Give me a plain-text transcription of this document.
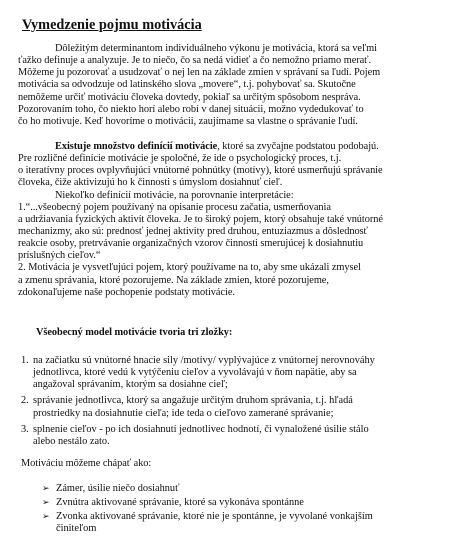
Vymedzenie pojmu motivácia
Dôležitým determinantom individuálneho výkonu je motivácia, ktorá sa veľmi
ťažko definuje a analyzuje. Je to niečo, čo sa nedá vidieť a čo nemožno priamo merať.
Môžeme ju pozorovať a usudzovať o nej len na základe zmien v správaní sa ľudí. Pojem
motivácia sa odvodzuje od latinského slova „movere“, t.j. pohybovať sa. Skutočne
nemôžeme určiť motiváciu človeka dovtedy, pokiaľ sa určitým spôsobom nespráva.
Pozorovaním toho, čo niekto horí alebo robí v danej situácii, možno vydedukovať to
čo ho motivuje. Keď hovoríme o motivácii, zaujímame sa vlastne o správanie ľudí.
Existuje množstvo definícií motivácie, ktoré sa zvyčajne podstatou podobajú.
Pre rozličné definície motivácie je spoločné, že ide o psychologický proces, t.j.
o iteratívny proces ovplyvňujúci vnútorné pohnútky (motívy), ktoré usmerňujú správanie
človeka, čiže aktivizujú ho k činnosti s úmyslom dosiahnuť cieľ.
Niekoľko definícií motivácie, na porovnanie interpretácie:
1.“...všeobecný pojem používaný na opisanie procesu začatia, usmerňovania
a udržiavania fyzických aktivít človeka. Je to široký pojem, ktorý obsahuje také vnútorné
mechanizmy, ako sú: prednosť jednej aktivity pred druhou, entuziazmus a dôslednosť
reakcie osoby, pretrvávanie organizačných vzorov činnosti smerujúcej k dosiahnutiu
príslušných cieľov.“
2. Motivácia je vysvetľujúci pojem, ktorý používame na to, aby sme ukázali zmysel
a zmenu správania, ktoré pozorujeme. Na základe zmien, ktoré pozorujeme,
zdokonaľujeme naše pochopenie podstaty motivácie.
Všeobecný model motivácie tvoria tri zložky:
1. na začiatku sú vnútorné hnacie sily /motívy/ vyplývajúce z vnútornej nerovnováhy
jednotlivca, ktoré vedú k vytýčeniu cieľov a vyvolávajú v ňom napätie, aby sa
angažoval správaním, ktorým sa dosiahne cieľ;
2. správanie jednotlivca, ktorý sa angažuje určitým druhom správania, t.j. hľadá
prostriedky na dosiahnutie cieľa; ide teda o cieľovo zamerané správanie;
3. splnenie cieľov - po ich dosiahnutí jednotlivec hodnotí, či vynaložené úsilie stálo
alebo nestálo zato.
Motiváciu môžeme chápať ako:
➢ Zámer, úsilie niečo dosiahnuť
➢ Zvnútra aktivované správanie, ktoré sa vykonáva spontánne
➢ Zvonka aktivované správanie, ktoré nie je spontánne, je vyvolané vonkajším
činiteľom
